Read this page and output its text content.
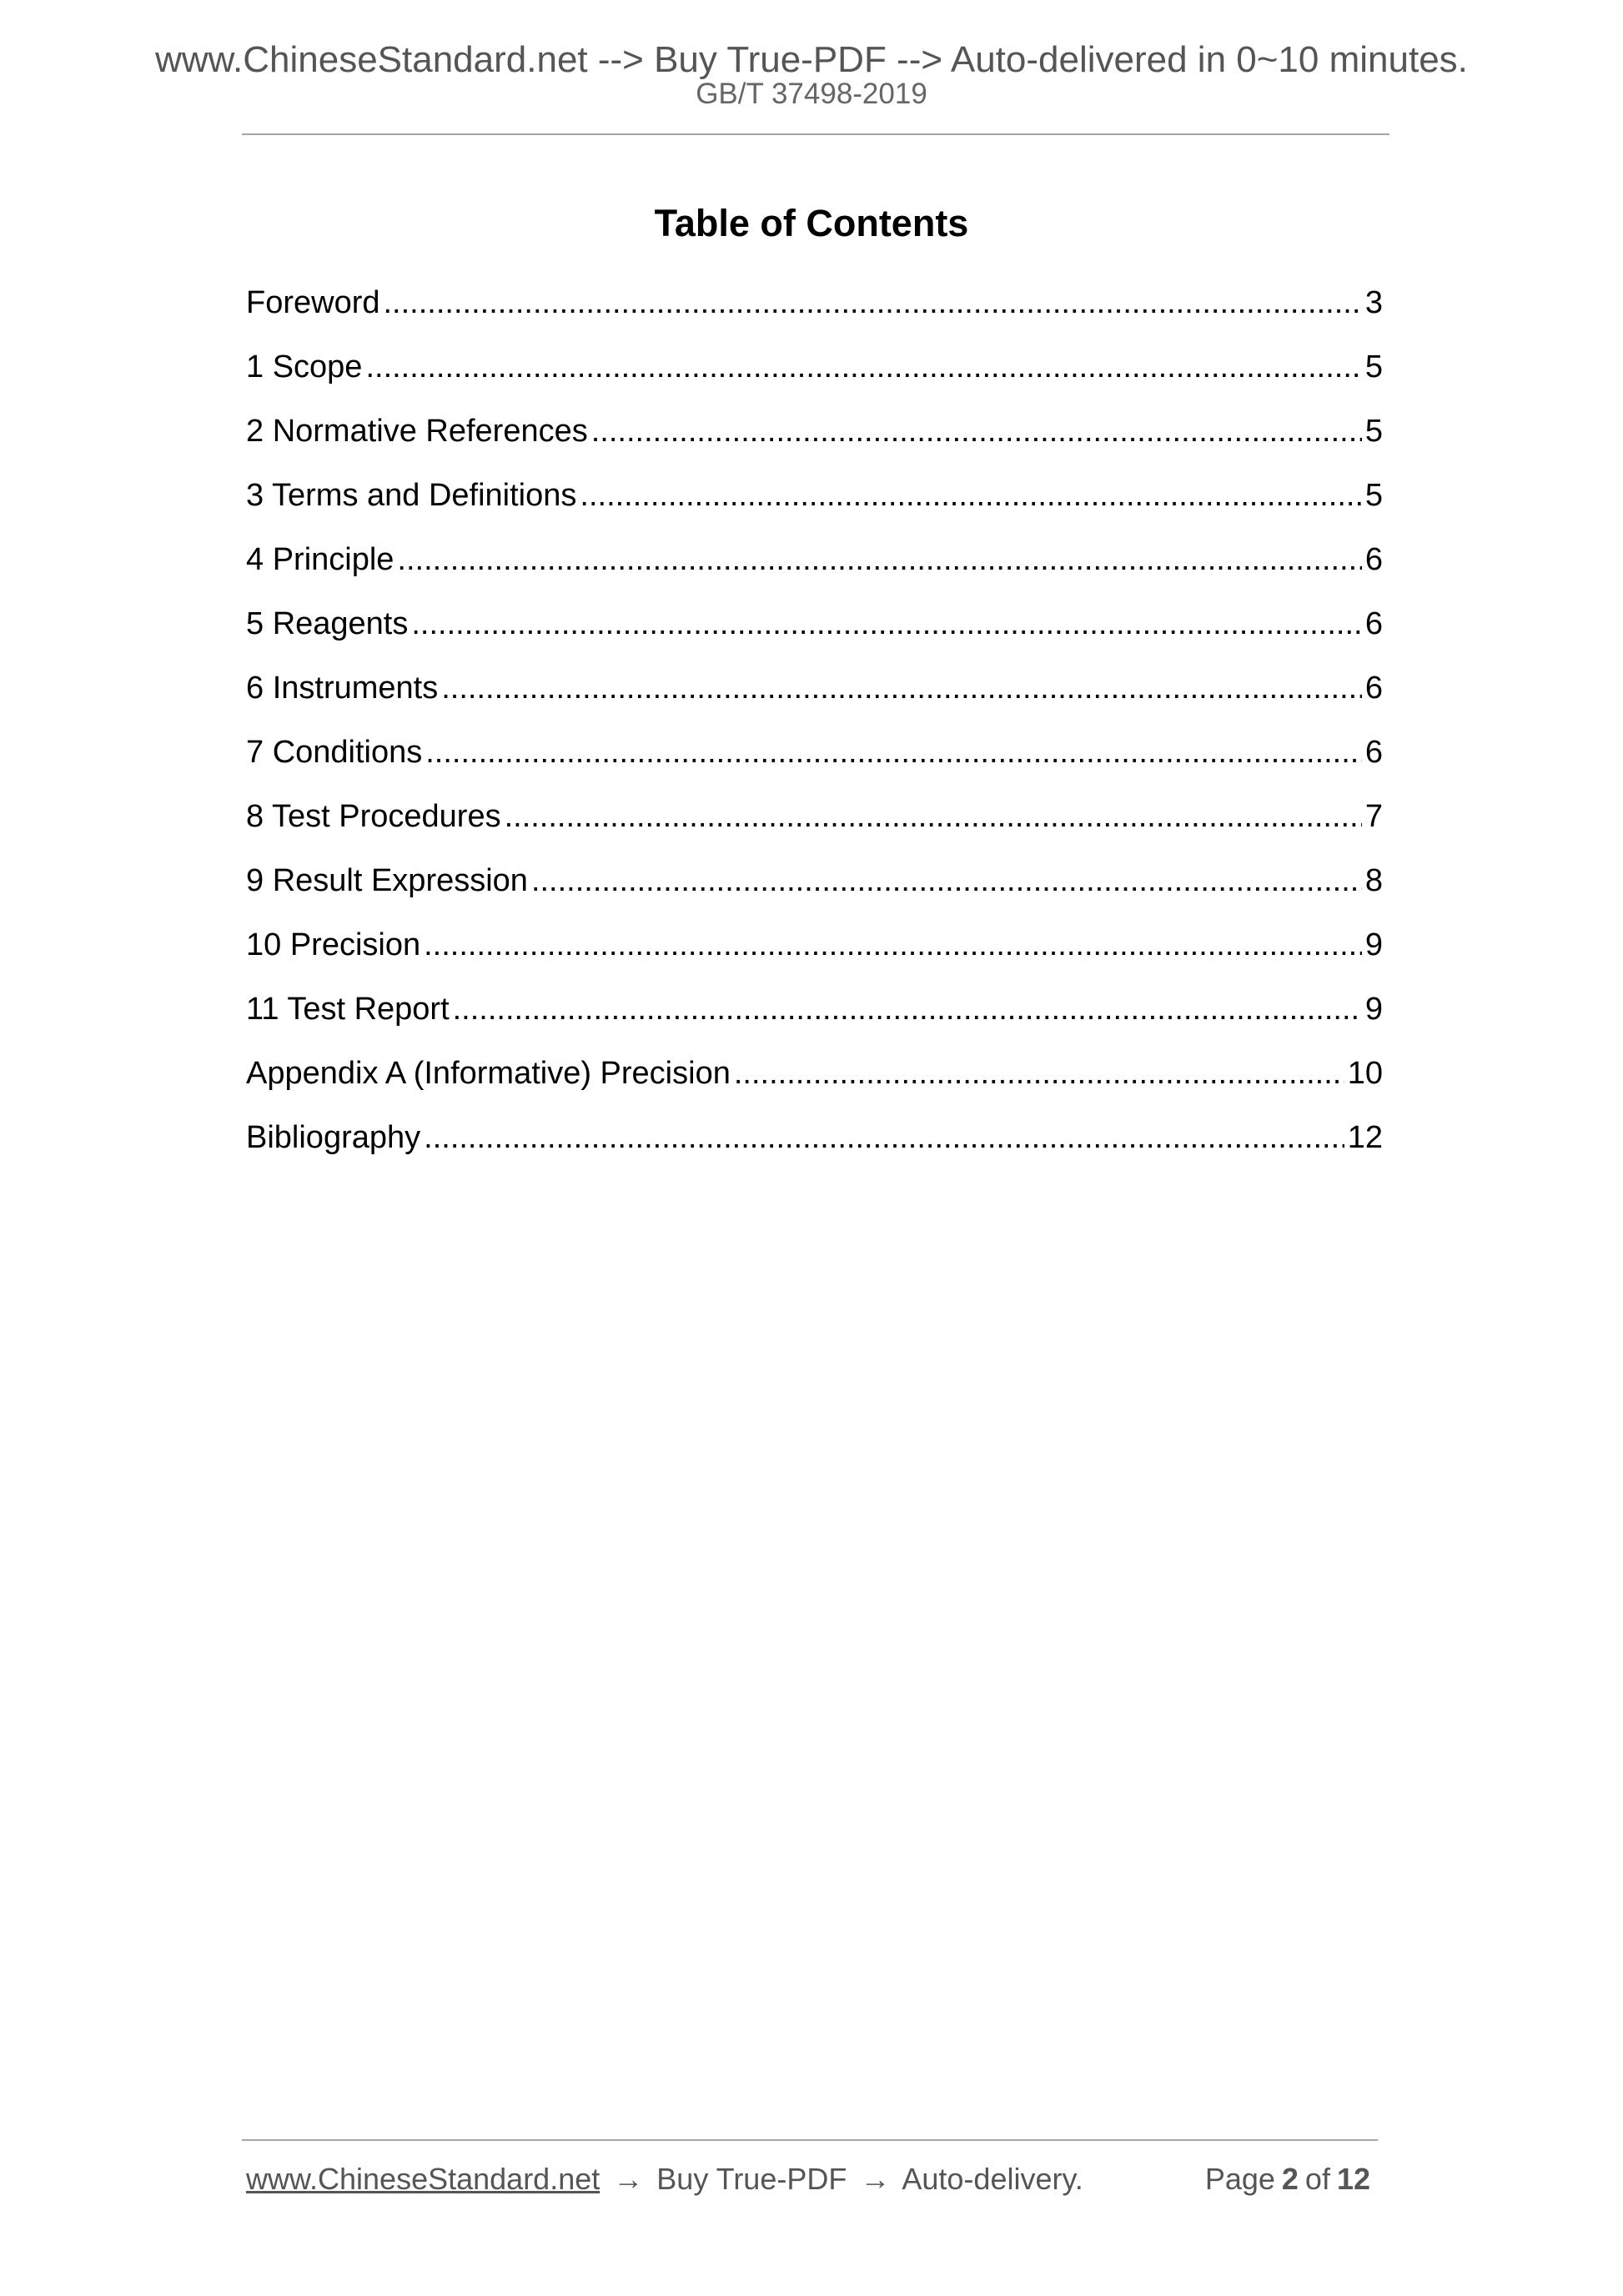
www.ChineseStandard.net --> Buy True-PDF --> Auto-delivered in 0~10 minutes.
GB/T 37498-2019
Table of Contents
Foreword .....	3
1 Scope .....	5
2 Normative References .....	5
3 Terms and Definitions .....	5
4 Principle .....	6
5 Reagents .....	6
6 Instruments .....	6
7 Conditions .....	6
8 Test Procedures .....	7
9 Result Expression .....	8
10 Precision .....	9
11 Test Report .....	9
Appendix A (Informative) Precision .....	10
Bibliography .....	12
www.ChineseStandard.net → Buy True-PDF → Auto-delivery.	Page 2 of 12
